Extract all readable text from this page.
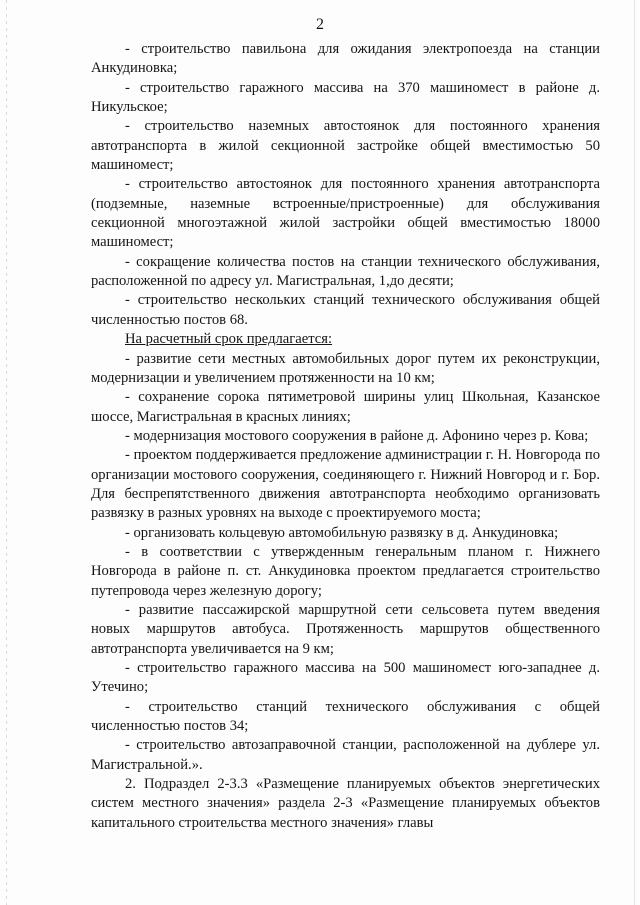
2

- строительство павильона для ожидания электропоезда на станции Анкудиновка;

- строительство гаражного массива на 370 машиномест в районе д. Никульское;

- строительство наземных автостоянок для постоянного хранения автотранспорта в жилой секционной застройке общей вместимостью 50 машиномест;

- строительство автостоянок для постоянного хранения автотранспорта (подземные, наземные встроенные/пристроенные) для обслуживания секционной многоэтажной жилой застройки общей вместимостью 18000 машиномест;

- сокращение количества постов на станции технического обслуживания, расположенной по адресу ул. Магистральная, 1,до десяти;

- строительство нескольких станций технического обслуживания общей численностью постов 68.

На расчетный срок предлагается:

- развитие сети местных автомобильных дорог путем их реконструкции, модернизации и увеличением протяженности на 10 км;

- сохранение сорока пятиметровой ширины улиц Школьная, Казанское шоссе, Магистральная в красных линиях;

- модернизация мостового сооружения в районе д. Афонино через р. Кова;

- проектом поддерживается предложение администрации г. Н. Новгорода по организации мостового сооружения, соединяющего г. Нижний Новгород и г. Бор. Для беспрепятственного движения автотранспорта необходимо организовать развязку в разных уровнях на выходе с проектируемого моста;

- организовать кольцевую автомобильную развязку в д. Анкудиновка;

- в соответствии с утвержденным генеральным планом г. Нижнего Новгорода в районе п. ст. Анкудиновка проектом предлагается строительство путепровода через железную дорогу;

- развитие пассажирской маршрутной сети сельсовета путем введения новых маршрутов автобуса. Протяженность маршрутов общественного автотранспорта увеличивается на 9 км;

- строительство гаражного массива на 500 машиномест юго-западнее д. Утечино;

- строительство станций технического обслуживания с общей численностью постов 34;

- строительство автозаправочной станции, расположенной на дублере ул. Магистральной.».

2. Подраздел 2-3.3 «Размещение планируемых объектов энергетических систем местного значения» раздела 2-3 «Размещение планируемых объектов капитального строительства местного значения» главы
